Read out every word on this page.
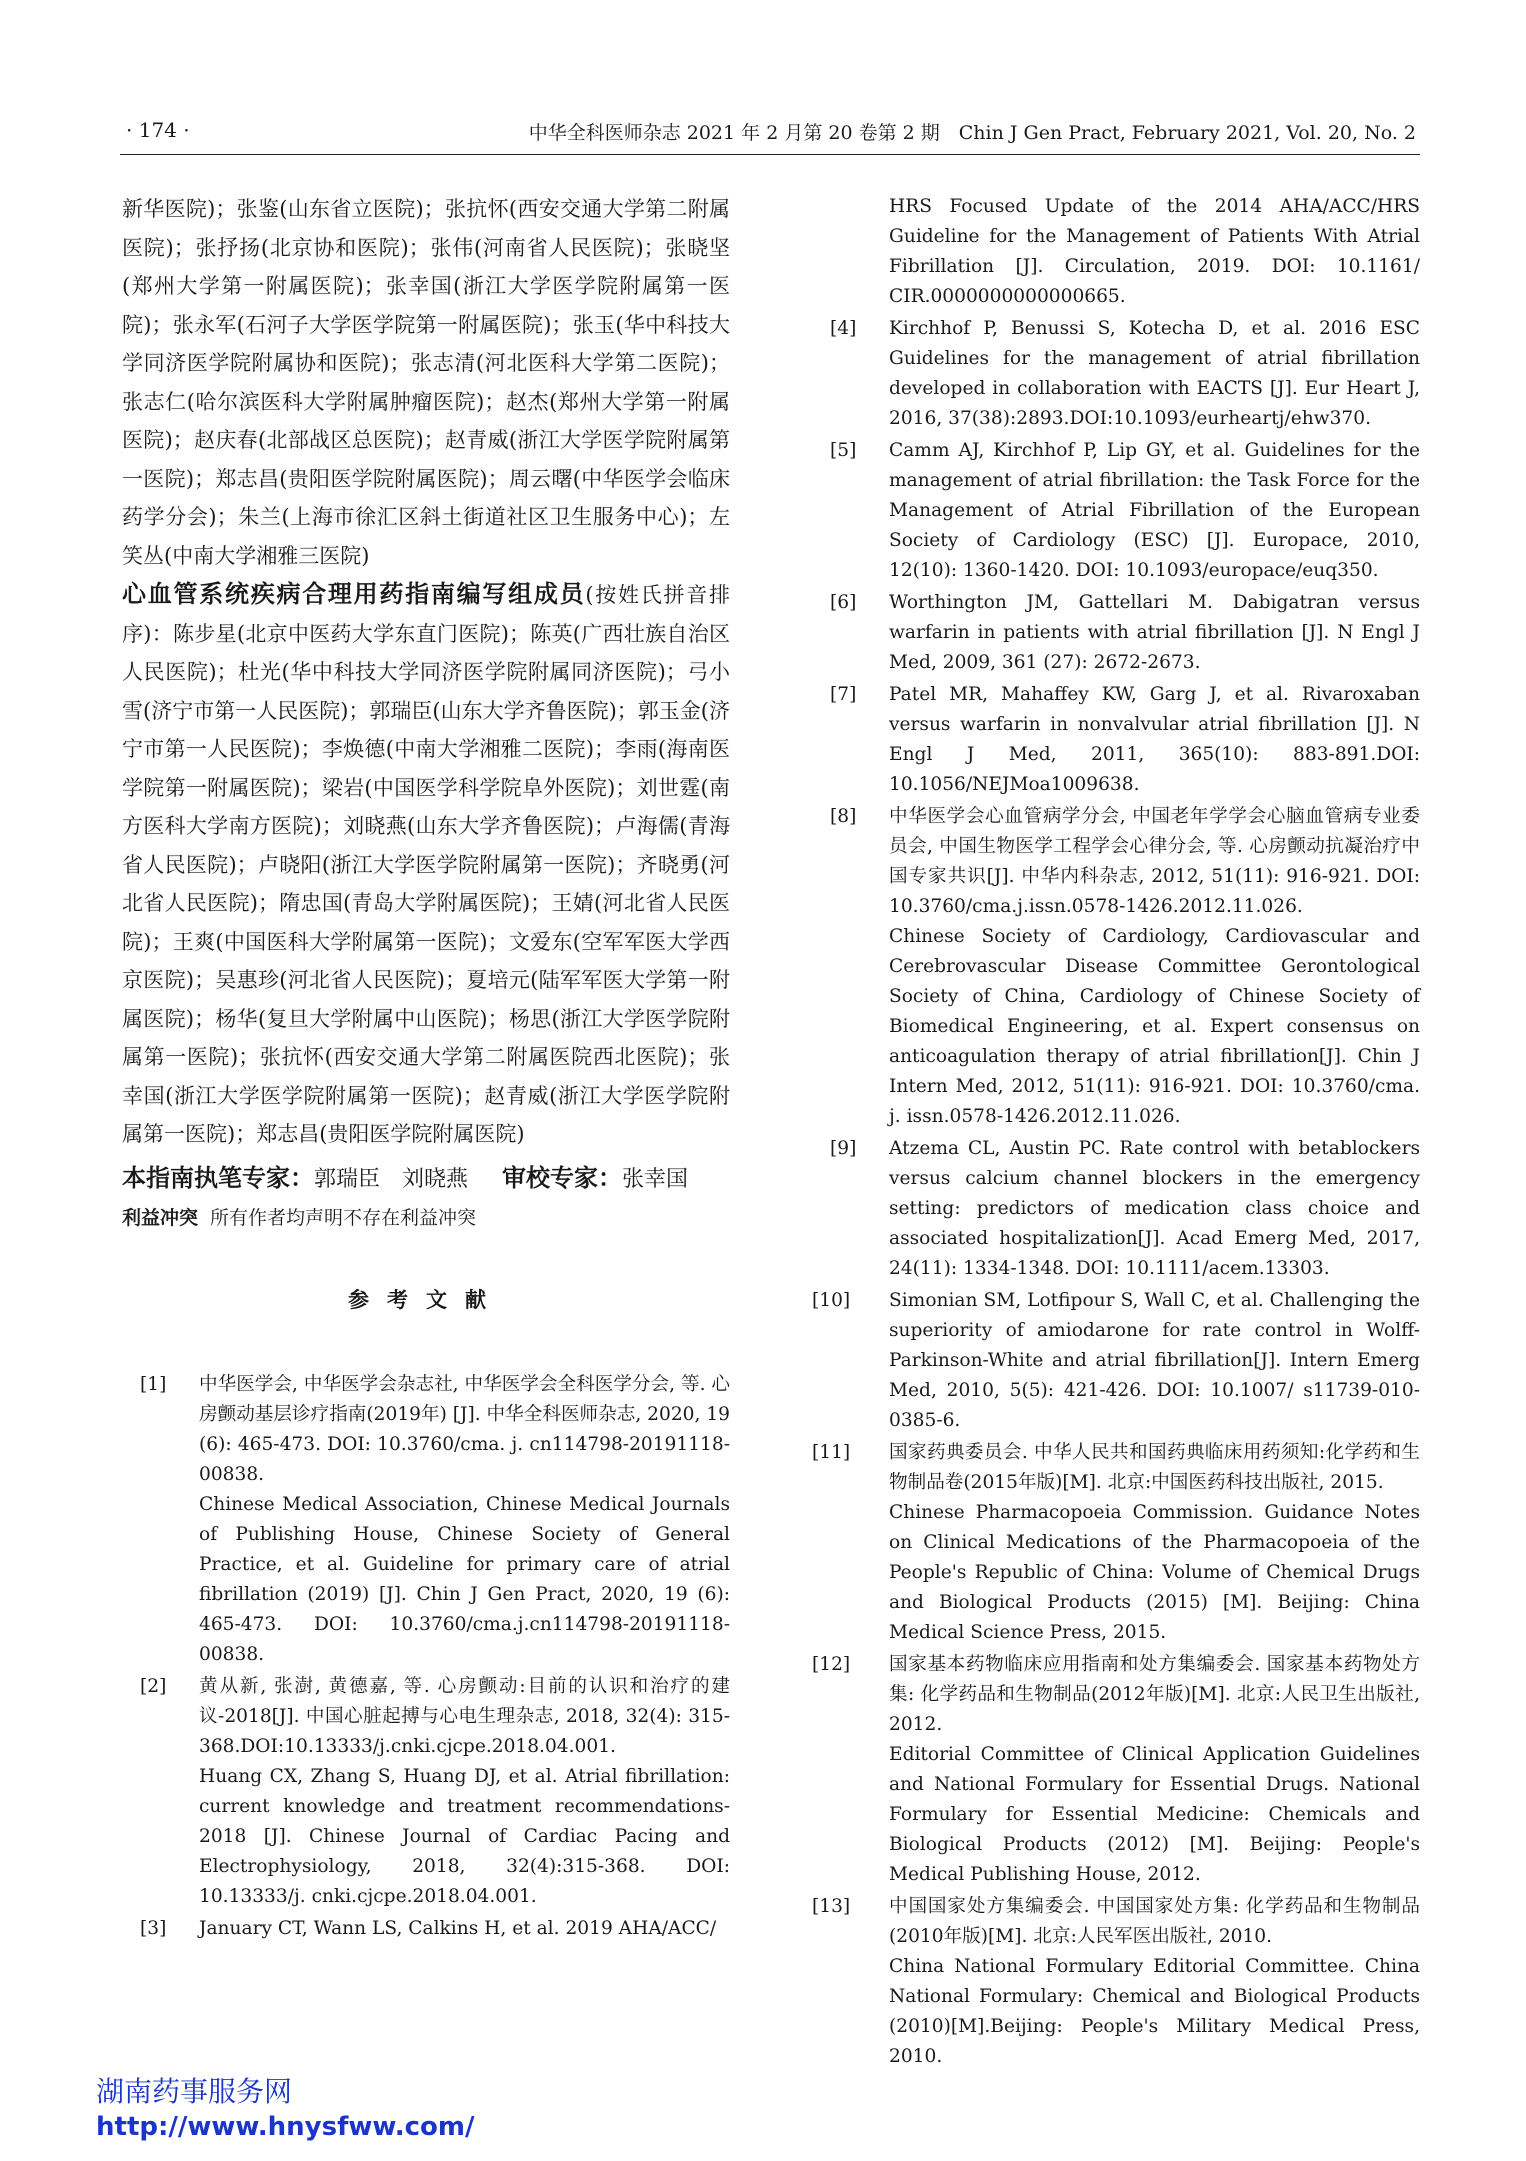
· 174 ·	中华全科医师杂志 2021 年 2 月第 20 卷第 2 期　Chin J Gen Pract, February 2021, Vol. 20, No. 2

新华医院)；张鉴(山东省立医院)；张抗怀(西安交通大学第二附属医院)；张抒扬(北京协和医院)；张伟(河南省人民医院)；张晓坚(郑州大学第一附属医院)；张幸国(浙江大学医学院附属第一医院)；张永军(石河子大学医学院第一附属医院)；张玉(华中科技大学同济医学院附属协和医院)；张志清(河北医科大学第二医院)；张志仁(哈尔滨医科大学附属肿瘤医院)；赵杰(郑州大学第一附属医院)；赵庆春(北部战区总医院)；赵青威(浙江大学医学院附属第一医院)；郑志昌(贵阳医学院附属医院)；周云曙(中华医学会临床药学分会)；朱兰(上海市徐汇区斜土街道社区卫生服务中心)；左笑丛(中南大学湘雅三医院)

心血管系统疾病合理用药指南编写组成员(按姓氏拼音排序)：陈步星(北京中医药大学东直门医院)；陈英(广西壮族自治区人民医院)；杜光(华中科技大学同济医学院附属同济医院)；弓小雪(济宁市第一人民医院)；郭瑞臣(山东大学齐鲁医院)；郭玉金(济宁市第一人民医院)；李焕德(中南大学湘雅二医院)；李雨(海南医学院第一附属医院)；梁岩(中国医学科学院阜外医院)；刘世霆(南方医科大学南方医院)；刘晓燕(山东大学齐鲁医院)；卢海儒(青海省人民医院)；卢晓阳(浙江大学医学院附属第一医院)；齐晓勇(河北省人民医院)；隋忠国(青岛大学附属医院)；王婧(河北省人民医院)；王爽(中国医科大学附属第一医院)；文爱东(空军军医大学西京医院)；吴惠珍(河北省人民医院)；夏培元(陆军军医大学第一附属医院)；杨华(复旦大学附属中山医院)；杨思(浙江大学医学院附属第一医院)；张抗怀(西安交通大学第二附属医院西北医院)；张幸国(浙江大学医学院附属第一医院)；赵青威(浙江大学医学院附属第一医院)；郑志昌(贵阳医学院附属医院)

本指南执笔专家：郭瑞臣　刘晓燕 审校专家：张幸国
利益冲突 所有作者均声明不存在利益冲突
参考文献
[1] 中华医学会, 中华医学会杂志社, 中华医学会全科医学分会, 等. 心房颤动基层诊疗指南(2019年) [J]. 中华全科医师杂志, 2020, 19 (6): 465-473. DOI: 10.3760/cma. j. cn114798-20191118-00838.

Chinese Medical Association, Chinese Medical Journals of Publishing House, Chinese Society of General Practice, et al. Guideline for primary care of atrial fibrillation (2019) [J]. Chin J Gen Pract, 2020, 19 (6): 465-473. DOI: 10.3760/cma.j.cn114798-20191118-00838.

[2] 黄从新, 张澍, 黄德嘉, 等. 心房颤动:目前的认识和治疗的建议-2018[J]. 中国心脏起搏与心电生理杂志, 2018, 32(4): 315-368.DOI:10.13333/j.cnki.cjcpe.2018.04.001.

Huang CX, Zhang S, Huang DJ, et al. Atrial fibrillation: current knowledge and treatment recommendations-2018 [J]. Chinese Journal of Cardiac Pacing and Electrophysiology, 2018, 32(4):315-368. DOI: 10.13333/j. cnki.cjcpe.2018.04.001.

[3] January CT, Wann LS, Calkins H, et al. 2019 AHA/ACC/

HRS Focused Update of the 2014 AHA/ACC/HRS Guideline for the Management of Patients With Atrial Fibrillation [J]. Circulation, 2019. DOI: 10.1161/ CIR.0000000000000665.

[4] Kirchhof P, Benussi S, Kotecha D, et al. 2016 ESC Guidelines for the management of atrial fibrillation developed in collaboration with EACTS [J]. Eur Heart J, 2016, 37(38):2893.DOI:10.1093/eurheartj/ehw370.

[5] Camm AJ, Kirchhof P, Lip GY, et al. Guidelines for the management of atrial fibrillation: the Task Force for the Management of Atrial Fibrillation of the European Society of Cardiology (ESC) [J]. Europace, 2010, 12(10): 1360-1420. DOI: 10.1093/europace/euq350.

[6] Worthington JM, Gattellari M. Dabigatran versus warfarin in patients with atrial fibrillation [J]. N Engl J Med, 2009, 361 (27): 2672-2673.

[7] Patel MR, Mahaffey KW, Garg J, et al. Rivaroxaban versus warfarin in nonvalvular atrial fibrillation [J]. N Engl J Med, 2011, 365(10): 883-891.DOI: 10.1056/NEJMoa1009638.

[8] 中华医学会心血管病学分会, 中国老年学学会心脑血管病专业委员会, 中国生物医学工程学会心律分会, 等. 心房颤动抗凝治疗中国专家共识[J]. 中华内科杂志, 2012, 51(11): 916-921. DOI: 10.3760/cma.j.issn.0578-1426.2012.11.026.

Chinese Society of Cardiology, Cardiovascular and Cerebrovascular Disease Committee Gerontological Society of China, Cardiology of Chinese Society of Biomedical Engineering, et al. Expert consensus on anticoagulation therapy of atrial fibrillation[J]. Chin J Intern Med, 2012, 51(11): 916-921. DOI: 10.3760/cma. j. issn.0578-1426.2012.11.026.

[9] Atzema CL, Austin PC. Rate control with betablockers versus calcium channel blockers in the emergency setting: predictors of medication class choice and associated hospitalization[J]. Acad Emerg Med, 2017, 24(11): 1334-1348. DOI: 10.1111/acem.13303.

[10] Simonian SM, Lotfipour S, Wall C, et al. Challenging the superiority of amiodarone for rate control in Wolff-Parkinson-White and atrial fibrillation[J]. Intern Emerg Med, 2010, 5(5): 421-426. DOI: 10.1007/ s11739-010-0385-6.

[11] 国家药典委员会. 中华人民共和国药典临床用药须知:化学药和生物制品卷(2015年版)[M]. 北京:中国医药科技出版社, 2015.

Chinese Pharmacopoeia Commission. Guidance Notes on Clinical Medications of the Pharmacopoeia of the People's Republic of China: Volume of Chemical Drugs and Biological Products (2015) [M]. Beijing: China Medical Science Press, 2015.

[12] 国家基本药物临床应用指南和处方集编委会. 国家基本药物处方集: 化学药品和生物制品(2012年版)[M]. 北京:人民卫生出版社, 2012.

Editorial Committee of Clinical Application Guidelines and National Formulary for Essential Drugs. National Formulary for Essential Medicine: Chemicals and Biological Products (2012) [M]. Beijing: People's Medical Publishing House, 2012.

[13] 中国国家处方集编委会. 中国国家处方集: 化学药品和生物制品(2010年版)[M]. 北京:人民军医出版社, 2010.

China National Formulary Editorial Committee. China National Formulary: Chemical and Biological Products (2010)[M].Beijing: People's Military Medical Press, 2010.

湖南药事服务网
http://www.hnysfww.com/
